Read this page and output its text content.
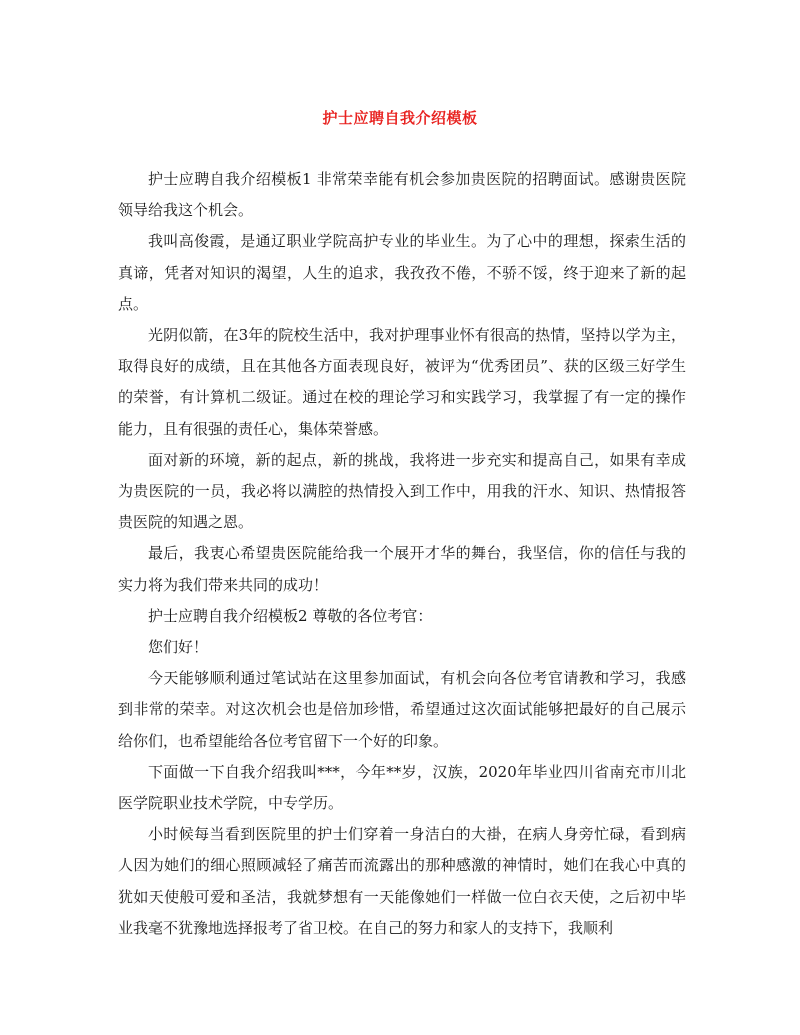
护士应聘自我介绍模板

护士应聘自我介绍模板1 非常荣幸能有机会参加贵医院的招聘面试。感谢贵医院领导给我这个机会。

我叫高俊霞，是通辽职业学院高护专业的毕业生。为了心中的理想，探索生活的真谛，凭者对知识的渴望，人生的追求，我孜孜不倦，不骄不馁，终于迎来了新的起点。

光阴似箭，在3年的院校生活中，我对护理事业怀有很高的热情，坚持以学为主，取得良好的成绩，且在其他各方面表现良好，被评为“优秀团员”、获的区级三好学生的荣誉，有计算机二级证。通过在校的理论学习和实践学习，我掌握了有一定的操作能力，且有很强的责任心，集体荣誉感。

面对新的环境，新的起点，新的挑战，我将进一步充实和提高自己，如果有幸成为贵医院的一员，我必将以满腔的热情投入到工作中，用我的汗水、知识、热情报答贵医院的知遇之恩。

最后，我衷心希望贵医院能给我一个展开才华的舞台，我坚信，你的信任与我的实力将为我们带来共同的成功！

护士应聘自我介绍模板2 尊敬的各位考官：

您们好！

今天能够顺利通过笔试站在这里参加面试，有机会向各位考官请教和学习，我感到非常的荣幸。对这次机会也是倍加珍惜，希望通过这次面试能够把最好的自己展示给你们，也希望能给各位考官留下一个好的印象。

下面做一下自我介绍我叫***，今年**岁，汉族，2020年毕业四川省南充市川北医学院职业技术学院，中专学历。

小时候每当看到医院里的护士们穿着一身洁白的大褂，在病人身旁忙碌，看到病人因为她们的细心照顾减轻了痛苦而流露出的那种感激的神情时，她们在我心中真的犹如天使般可爱和圣洁，我就梦想有一天能像她们一样做一位白衣天使，之后初中毕业我毫不犹豫地选择报考了省卫校。在自己的努力和家人的支持下，我顺利
